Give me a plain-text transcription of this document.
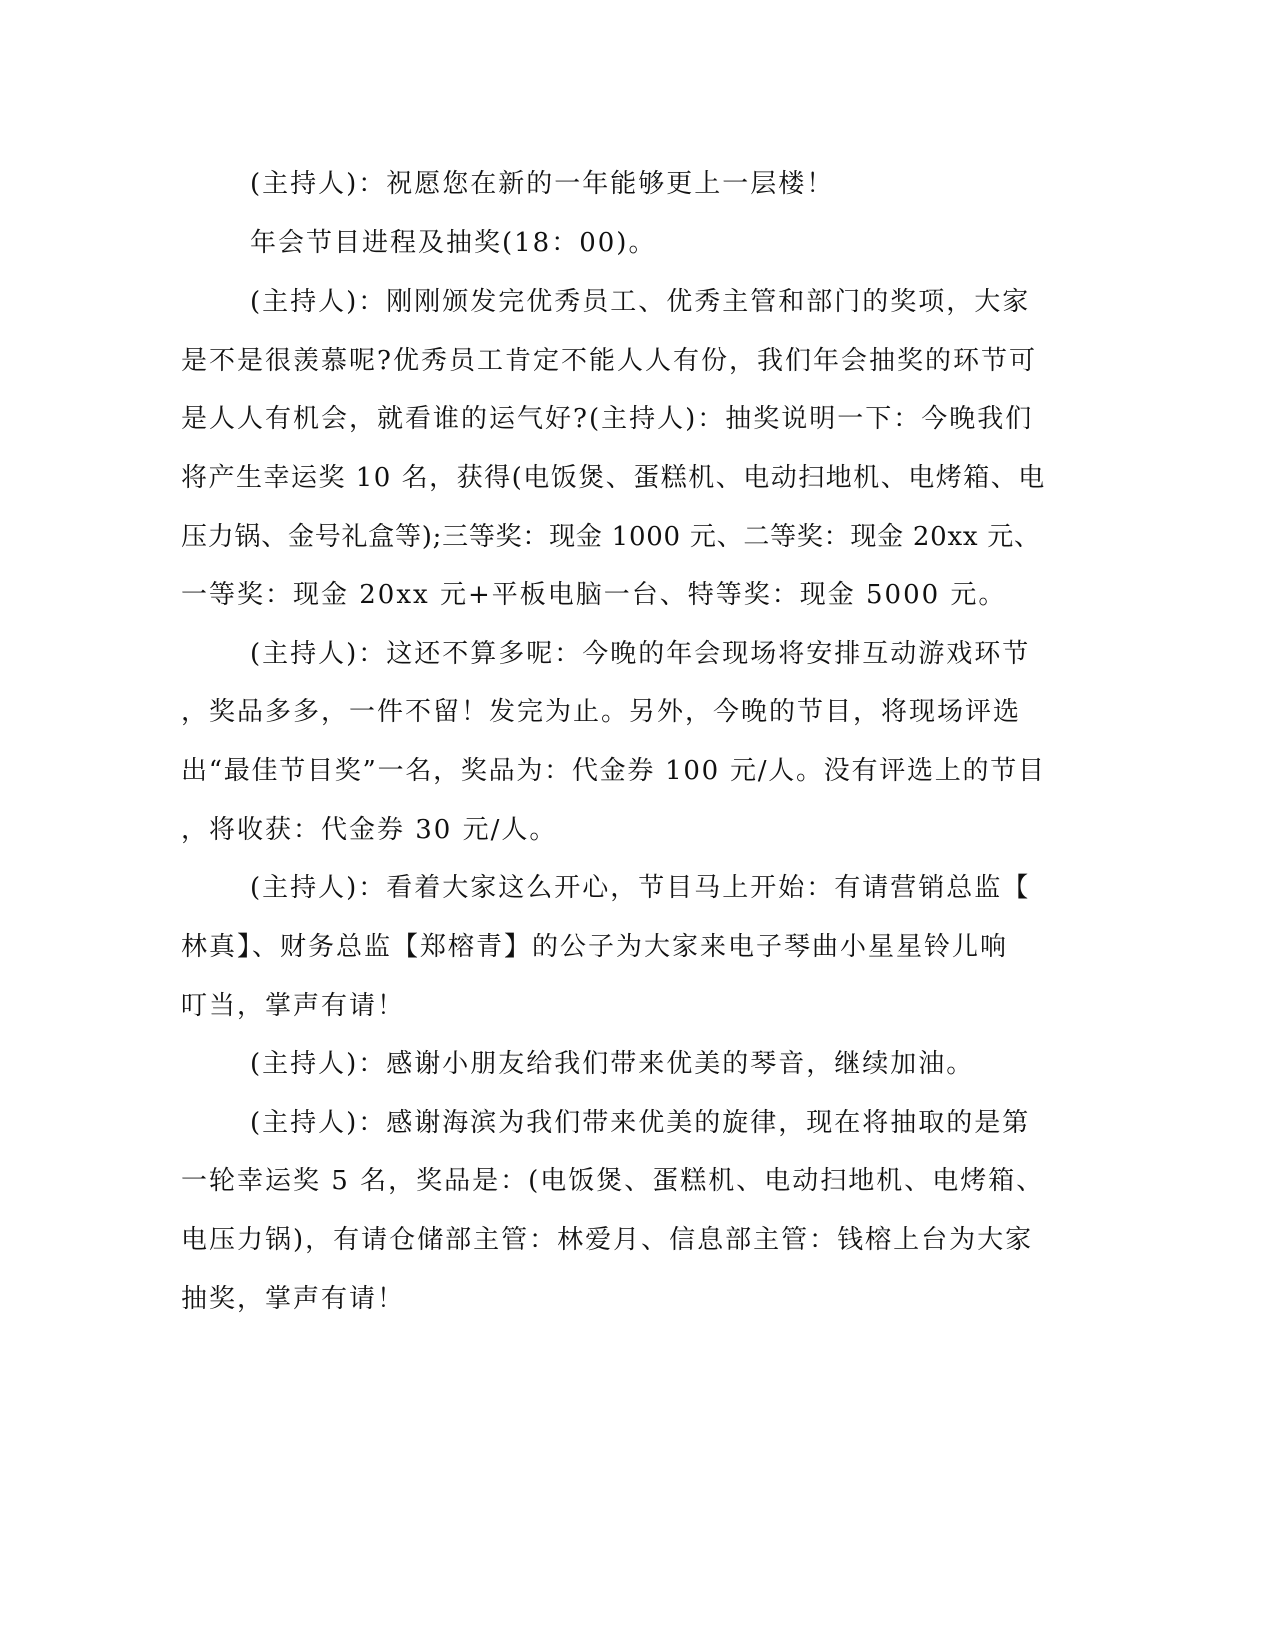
(主持人)：祝愿您在新的一年能够更上一层楼！

年会节目进程及抽奖(18：00)。

(主持人)：刚刚颁发完优秀员工、优秀主管和部门的奖项，大家

是不是很羡慕呢?优秀员工肯定不能人人有份，我们年会抽奖的环节可

是人人有机会，就看谁的运气好?(主持人)：抽奖说明一下：今晚我们

将产生幸运奖 10 名，获得(电饭煲、蛋糕机、电动扫地机、电烤箱、电

压力锅、金号礼盒等);三等奖：现金 1000 元、二等奖：现金 20xx 元、

一等奖：现金 20xx 元+平板电脑一台、特等奖：现金 5000 元。

(主持人)：这还不算多呢：今晚的年会现场将安排互动游戏环节

，奖品多多，一件不留！发完为止。另外，今晚的节目，将现场评选

出“最佳节目奖”一名，奖品为：代金券 100 元/人。没有评选上的节目

，将收获：代金券 30 元/人。

(主持人)：看着大家这么开心，节目马上开始：有请营销总监【

林真】、财务总监【郑榕青】的公子为大家来电子琴曲小星星铃儿响

叮当，掌声有请！

(主持人)：感谢小朋友给我们带来优美的琴音，继续加油。

(主持人)：感谢海滨为我们带来优美的旋律，现在将抽取的是第

一轮幸运奖 5 名，奖品是：(电饭煲、蛋糕机、电动扫地机、电烤箱、

电压力锅)，有请仓储部主管：林爱月、信息部主管：钱榕上台为大家

抽奖，掌声有请！
